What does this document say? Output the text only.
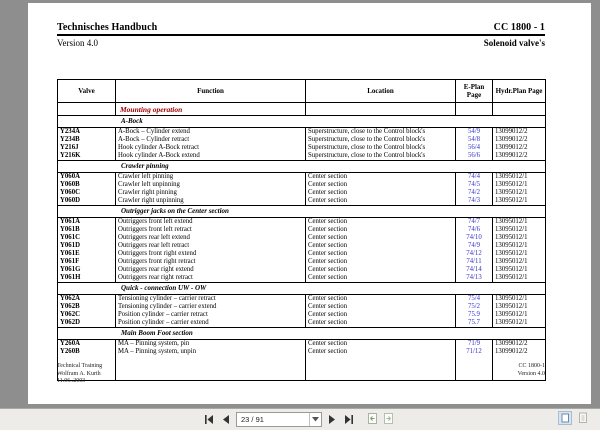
Technisches Handbuch	CC 1800 - 1
Version 4.0	Solenoid valve's
Valve	Function	Location	E-Plan Page	Hydr.Plan Page
	Mounting operation			
A-Bock				
Y234A	A-Bock – Cylinder extend	Superstructure, close to the Control block's	54/9	13099012/2
Y234B	A-Bock – Cylinder retract	Superstructure, close to the Control block's	54/8	13099012/2
Y216J	Hook cylinder A-Bock retract	Superstructure, close to the Control block's	56/4	13099012/2
Y216K	Hook cylinder A-Bock extend	Superstructure, close to the Control block's	56/6	13099012/2
Crawler pinning				
Y060A	Crawler left pinning	Center section	74/4	13095012/1
Y060B	Crawler left unpinning	Center section	74/5	13095012/1
Y060C	Crawler right pinning	Center section	74/2	13095012/1
Y060D	Crawler right unpinning	Center section	74/3	13095012/1
Outrigger jacks on the Center section				
Y061A	Outriggers front left extend	Center section	74/7	13095012/1
Y061B	Outriggers front left retract	Center section	74/6	13095012/1
Y061C	Outriggers rear left extend	Center section	74/10	13095012/1
Y061D	Outriggers rear left retract	Center section	74/9	13095012/1
Y061E	Outriggers front right extend	Center section	74/12	13095012/1
Y061F	Outriggers front right retract	Center section	74/11	13095012/1
Y061G	Outriggers rear right extend	Center section	74/14	13095012/1
Y061H	Outriggers rear right retract	Center section	74/13	13095012/1
Quick - connection UW - OW				
Y062A	Tensioning cylinder – carrier retract	Center section	75/4	13095012/1
Y062B	Tensioning cylinder – carrier extend	Center section	75/2	13095012/1
Y062C	Position cylinder – carrier retract	Center section	75.9	13095012/1
Y062D	Position cylinder – carrier extend	Center section	75.7	13095012/1
Main Boom Foot section				
Y260A	MA – Pinning system, pin	Center section	71/9	13099012/2
Y260B	MA – Pinning system, unpin	Center section	71/12	13099012/2

Technical Training
Wolfram A. Kurth
11.06..2003
CC 1800-1
Version 4.0
23 / 91
